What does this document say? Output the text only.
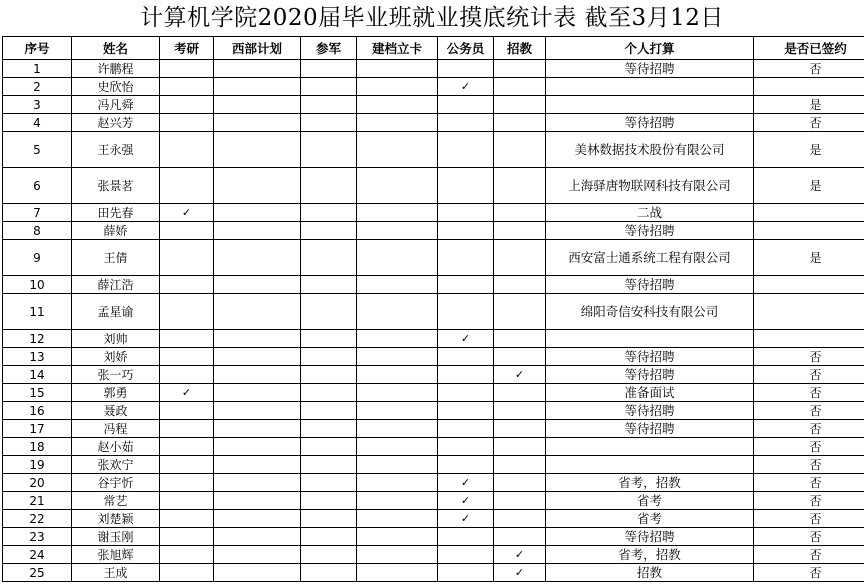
计算机学院2020届毕业班就业摸底统计表 截至3月12日
序号	姓名	考研	西部计划	参军	建档立卡	公务员	招教	个人打算	是否已签约
1	许鹏程							等待招聘	否
2	史欣怡					✓			
3	冯凡舜								是
4	赵兴芳							等待招聘	否
5	王永强							美林数据技术股份有限公司	是
6	张景茗							上海驿唐物联网科技有限公司	是
7	田先春	✓						二战	
8	薛娇							等待招聘	
9	王倩							西安富士通系统工程有限公司	是
10	薛江浩							等待招聘	
11	孟星谕							绵阳奇信安科技有限公司	
12	刘帅					✓			
13	刘娇							等待招聘	否
14	张一巧						✓	等待招聘	否
15	郭勇	✓						准备面试	否
16	聂政							等待招聘	否
17	冯程							等待招聘	否
18	赵小茹								否
19	张欢宁								否
20	谷宇忻					✓		省考，招教	否
21	常艺					✓		省考	否
22	刘楚颖					✓		省考	否
23	谢玉刚							等待招聘	否
24	张旭辉						✓	省考，招教	否
25	王成						✓	招教	否
